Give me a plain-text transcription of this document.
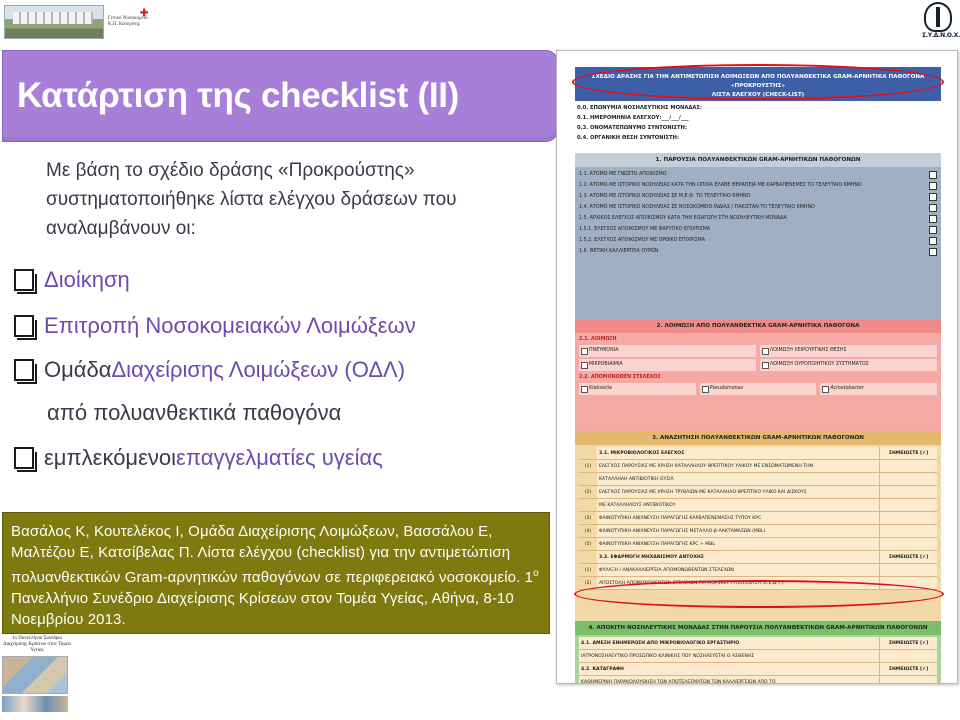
Γενικό Νοσοκομείο Κ.Π. Κατερίνης
✚
Σ.Υ.Δ.Ν.Ο.Χ.
Κατάρτιση της checklist (II)

Με βάση το σχέδιο δράσης «Προκρούστης» συστηματοποιήθηκε λίστα ελέγχου δράσεων που αναλαμβάνουν οι:

Διοίκηση
Επιτροπή Νοσοκομειακών Λοιμώξεων
Ομάδα Διαχείρισης Λοιμώξεων (ΟΔΛ)
από πολυανθεκτικά παθογόνα
εμπλεκόμενοι επαγγελματίες υγείας

Βασάλος Κ, Κουτελέκος Ι, Ομάδα Διαχείρισης Λοιμώξεων, Βασσάλου Ε, Μαλτέζου Ε, Κατσίβελας Π. Λίστα ελέγχου (checklist) για την αντιμετώπιση πολυανθεκτικών Gram-αρνητικών παθογόνων σε περιφερειακό νοσοκομείο. $1^o$ Πανελλήνιο Συνέδριο Διαχείρισης Κρίσεων στον Τομέα Υγείας, Αθήνα, 8-10 Νοεμβρίου 2013.

1ο Πανελλήνιο Συνέδριο Διαχείρισης Κρίσεων στον Τομέα Υγείας
ΣΧΕΔΙΟ ΔΡΑΣΗΣ ΓΙΑ ΤΗΝ ΑΝΤΙΜΕΤΩΠΙΣΗ ΛΟΙΜΩΞΕΩΝ ΑΠΟ ΠΟΛΥΑΝΘΕΚΤΙΚΑ GRAM-ΑΡΝΗΤΙΚΑ ΠΑΘΟΓΟΝΑ «ΠΡΟΚΡΟΥΣΤΗΣ»
ΛΙΣΤΑ ΕΛΕΓΧΟΥ (CHECK-LIST)
0.0. ΕΠΩΝΥΜΙΑ ΝΟΣΗΛΕΥΤΙΚΗΣ ΜΟΝΑΔΑΣ:
0.1. ΗΜΕΡΟΜΗΝΙΑ ΕΛΕΓΧΟΥ:___/___/___
0.3. ΟΝΟΜΑΤΕΠΩΝΥΜΟ ΣΥΝΤΟΝΙΣΤΗ:
0.4. ΟΡΓΑΝΙΚΗ ΘΕΣΗ ΣΥΝΤΟΝΙΣΤΗ:
1. ΠΑΡΟΥΣΙΑ ΠΟΛΥΑΝΘΕΚΤΙΚΩΝ GRAM-ΑΡΝΗΤΙΚΩΝ ΠΑΘΟΓΟΝΩΝ
1.1. ΑΤΟΜΟ ΜΕ ΓΝΩΣΤΟ ΑΠΟΙΚΙΣΜΟ
1.2. ΑΤΟΜΟ ΜΕ ΙΣΤΟΡΙΚΟ ΝΟΣΗΛΕΙΑΣ ΚΑΤΑ ΤΗΝ ΟΠΟΙΑ ΕΛΑΒΕ ΘΕΡΑΠΕΙΑ ΜΕ ΚΑΡΒΑΠΕΝΕΜΕΣ ΤΟ ΤΕΛΕΥΤΑΙΟ 6ΜΗΝΟ
1.3. ΑΤΟΜΟ ΜΕ ΙΣΤΟΡΙΚΟ ΝΟΣΗΛΕΙΑΣ ΣΕ Μ.Ε.Θ. ΤΟ ΤΕΛΕΥΤΑΙΟ 6ΜΗΝΟ
1.4. ΑΤΟΜΟ ΜΕ ΙΣΤΟΡΙΚΟ ΝΟΣΗΛΕΙΑΣ ΣΕ ΝΟΣΟΚΟΜΕΙΟ ΙΝΔΙΑΣ / ΠΑΚΙΣΤΑΝ ΤΟ ΤΕΛΕΥΤΑΙΟ 6ΜΗΝΟ
1.5. ΑΡΧΙΚΟΣ ΕΛΕΓΧΟΣ ΑΠΟΙΚΙΣΜΟΥ ΚΑΤΑ ΤΗΝ ΕΙΣΑΓΩΓΗ ΣΤΗ ΝΟΣΗΛΕΥΤΙΚΗ ΜΟΝΑΔΑ
1.5.1. ΕΛΕΓΧΟΣ ΑΠΟΙΚΙΣΜΟΥ ΜΕ ΦΑΡΥΓΙΚΟ ΕΠΙΧΡΙΣΜΑ
1.5.2. ΕΛΕΓΧΟΣ ΑΠΟΙΚΙΣΜΟΥ ΜΕ ΟΡΘΙΚΟ ΕΠΙΧΡΙΣΜΑ
1.6. ΘΕΤΙΚΗ ΚΑΛΛΙΕΡΓΕΙΑ ΟΥΡΩΝ
2. ΛΟΙΜΩΞΗ ΑΠΟ ΠΟΛΥΑΝΘΕΚΤΙΚΑ GRAM-ΑΡΝΗΤΙΚΑ ΠΑΘΟΓΟΝΑ
2.1. ΛΟΙΜΩΞΗ
ΠΝΕΥΜΟΝΙΑ	ΛΟΙΜΩΞΗ ΧΕΙΡΟΥΡΓΙΚΗΣ ΘΕΣΗΣ
ΜΙΚΡΟΒΙΑΙΜΙΑ	ΛΟΙΜΩΞΗ ΟΥΡΟΠΟΙΗΤΙΚΟΥ ΣΥΣΤΗΜΑΤΟΣ
2.2. ΑΠΟΜΟΝΩΘΕΝ ΣΤΕΛΕΧΟΣ
Klebsiella	Pseudomonas	Acinetobacter
3. ΑΝΑΖΗΤΗΣΗ ΠΟΛΥΑΝΘΕΚΤΙΚΩΝ GRAM-ΑΡΝΗΤΙΚΩΝ ΠΑΘΟΓΟΝΩΝ
3.1. ΜΙΚΡΟΒΙΟΛΟΓΙΚΟΣ ΕΛΕΓΧΟΣ	ΣΗΜΕΙΩΣΤΕ [✔]
(1)	ΕΛΕΓΧΟΣ ΠΑΡΟΥΣΙΑΣ ΜΕ ΧΡΗΣΗ ΚΑΤΑΛΛΗΛΟΥ ΘΡΕΠΤΙΚΟΥ ΥΛΙΚΟΥ ΜΕ ΕΝΣΩΜΑΤΩΜΕΝΗ ΤΗΝ
ΚΑΤΑΛΛΗΛΗ ΑΝΤΙΒΙΟΤΙΚΗ ΟΥΣΙΑ
(2)	ΕΛΕΓΧΟΣ ΠΑΡΟΥΣΙΑΣ ΜΕ ΧΡΗΣΗ ΤΡΥΒΛΙΩΝ ΜΕ ΚΑΤΑΛΛΗΛΟ ΘΡΕΠΤΙΚΟ ΥΛΙΚΟ ΚΑΙ ΔΙΣΚΟΥΣ
ΜΕ ΚΑΤΑΛΛΗΛΟΥΣ ΑΝΤΙΒΙΟΤΙΚΟΥ
(3)	ΦΑΙΝΟΤΥΠΙΚΗ ΑΝΙΧΝΕΥΣΗ ΠΑΡΑΓΩΓΗΣ ΚΑΡΒΑΠΕΝΕΜΑΣΗΣ ΤΥΠΟΥ KPC
(4)	ΦΑΙΝΟΤΥΠΙΚΗ ΑΝΙΧΝΕΥΣΗ ΠΑΡΑΓΩΓΗΣ ΜΕΤΑΛΛΟ-β-ΛΑΚΤΑΜΑΣΩΝ (MBL)
(5)	ΦΑΙΝΟΤΥΠΙΚΗ ΑΝΙΧΝΕΥΣΗ ΠΑΡΑΓΩΓΗΣ KPC + MBL
3.2. ΕΦΑΡΜΟΓΗ ΜΗΧΑΝΙΣΜΟΥ ΑΝΤΟΧΗΣ	ΣΗΜΕΙΩΣΤΕ [✔]
(1)	ΦΥΛΑΞΗ / ΑΝΑΚΑΛΛΙΕΡΓΕΙΑ ΑΠΟΜΟΝΩΘΕΝΤΩΝ ΣΤΕΛΕΧΩΝ
(2)	ΑΠΟΣΤΟΛΗ ΑΠΟΜΟΝΩΘΕΝΤΩΝ ΣΤΕΛΕΧΩΝ ΓΙΑ ΜΟΡΙΑΚΗ ΤΥΠΟΠΟΙΗΣΗ (Κ.Ε.Δ.Υ.)
4. ΑΠΟΚΙΤΗ ΝΟΣΗΛΕΥΤΙΚΗΣ ΜΟΝΑΔΑΣ ΣΤΗΝ ΠΑΡΟΥΣΙΑ ΠΟΛΥΑΝΘΕΚΤΙΚΩΝ GRAM-ΑΡΝΗΤΙΚΩΝ ΠΑΘΟΓΟΝΩΝ
4.1. ΑΜΕΣΗ ΕΝΗΜΕΡΩΣΗ ΑΠΟ ΜΙΚΡΟΒΙΟΛΟΓΙΚΟ ΕΡΓΑΣΤΗΡΙΟ	ΣΗΜΕΙΩΣΤΕ [✔]
ΙΑΤΡΟΝΟΣΗΛΕΥΤΙΚΟ ΠΡΟΣΩΠΙΚΟ ΚΛΙΝΙΚΗΣ ΠΟΥ ΝΟΣΗΛΕΥΕΤΑΙ Ο ΑΣΘΕΝΗΣ
4.2. ΚΑΤΑΓΡΑΦΗ	ΣΗΜΕΙΩΣΤΕ [✔]
ΚΑΘΗΜΕΡΙΝΗ ΠΑΡΑΚΟΛΟΥΘΗΣΗ ΤΩΝ ΑΠΟΤΕΛΕΣΜΑΤΩΝ ΤΩΝ ΚΑΛΛΙΕΡΓΕΙΩΝ ΑΠΟ ΤΟ
